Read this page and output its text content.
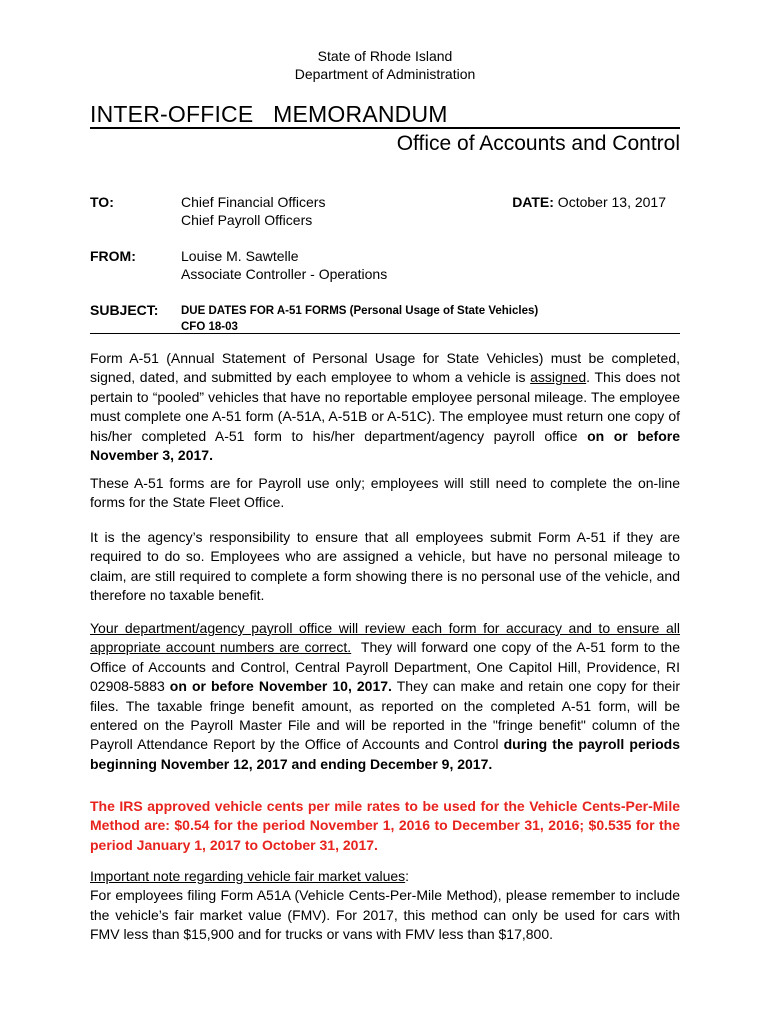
State of Rhode Island
Department of Administration
INTER-OFFICE   MEMORANDUM
Office of Accounts and Control
TO:	Chief Financial Officers
Chief Payroll Officers
DATE: October 13, 2017
FROM:	Louise M. Sawtelle
Associate Controller - Operations
SUBJECT: DUE DATES FOR A-51 FORMS (Personal Usage of State Vehicles)
CFO 18-03
Form A-51 (Annual Statement of Personal Usage for State Vehicles) must be completed, signed, dated, and submitted by each employee to whom a vehicle is assigned. This does not pertain to “pooled” vehicles that have no reportable employee personal mileage. The employee must complete one A-51 form (A-51A, A-51B or A-51C). The employee must return one copy of his/her completed A-51 form to his/her department/agency payroll office on or before November 3, 2017.
These A-51 forms are for Payroll use only; employees will still need to complete the on-line forms for the State Fleet Office.
It is the agency’s responsibility to ensure that all employees submit Form A-51 if they are required to do so. Employees who are assigned a vehicle, but have no personal mileage to claim, are still required to complete a form showing there is no personal use of the vehicle, and therefore no taxable benefit.
Your department/agency payroll office will review each form for accuracy and to ensure all appropriate account numbers are correct.  They will forward one copy of the A-51 form to the Office of Accounts and Control, Central Payroll Department, One Capitol Hill, Providence, RI 02908-5883 on or before November 10, 2017. They can make and retain one copy for their files. The taxable fringe benefit amount, as reported on the completed A-51 form, will be entered on the Payroll Master File and will be reported in the "fringe benefit" column of the Payroll Attendance Report by the Office of Accounts and Control during the payroll periods beginning November 12, 2017 and ending December 9, 2017.
The IRS approved vehicle cents per mile rates to be used for the Vehicle Cents-Per-Mile Method are: $0.54 for the period November 1, 2016 to December 31, 2016; $0.535 for the period January 1, 2017 to October 31, 2017.
Important note regarding vehicle fair market values:
For employees filing Form A51A (Vehicle Cents-Per-Mile Method), please remember to include the vehicle’s fair market value (FMV). For 2017, this method can only be used for cars with FMV less than $15,900 and for trucks or vans with FMV less than $17,800.
